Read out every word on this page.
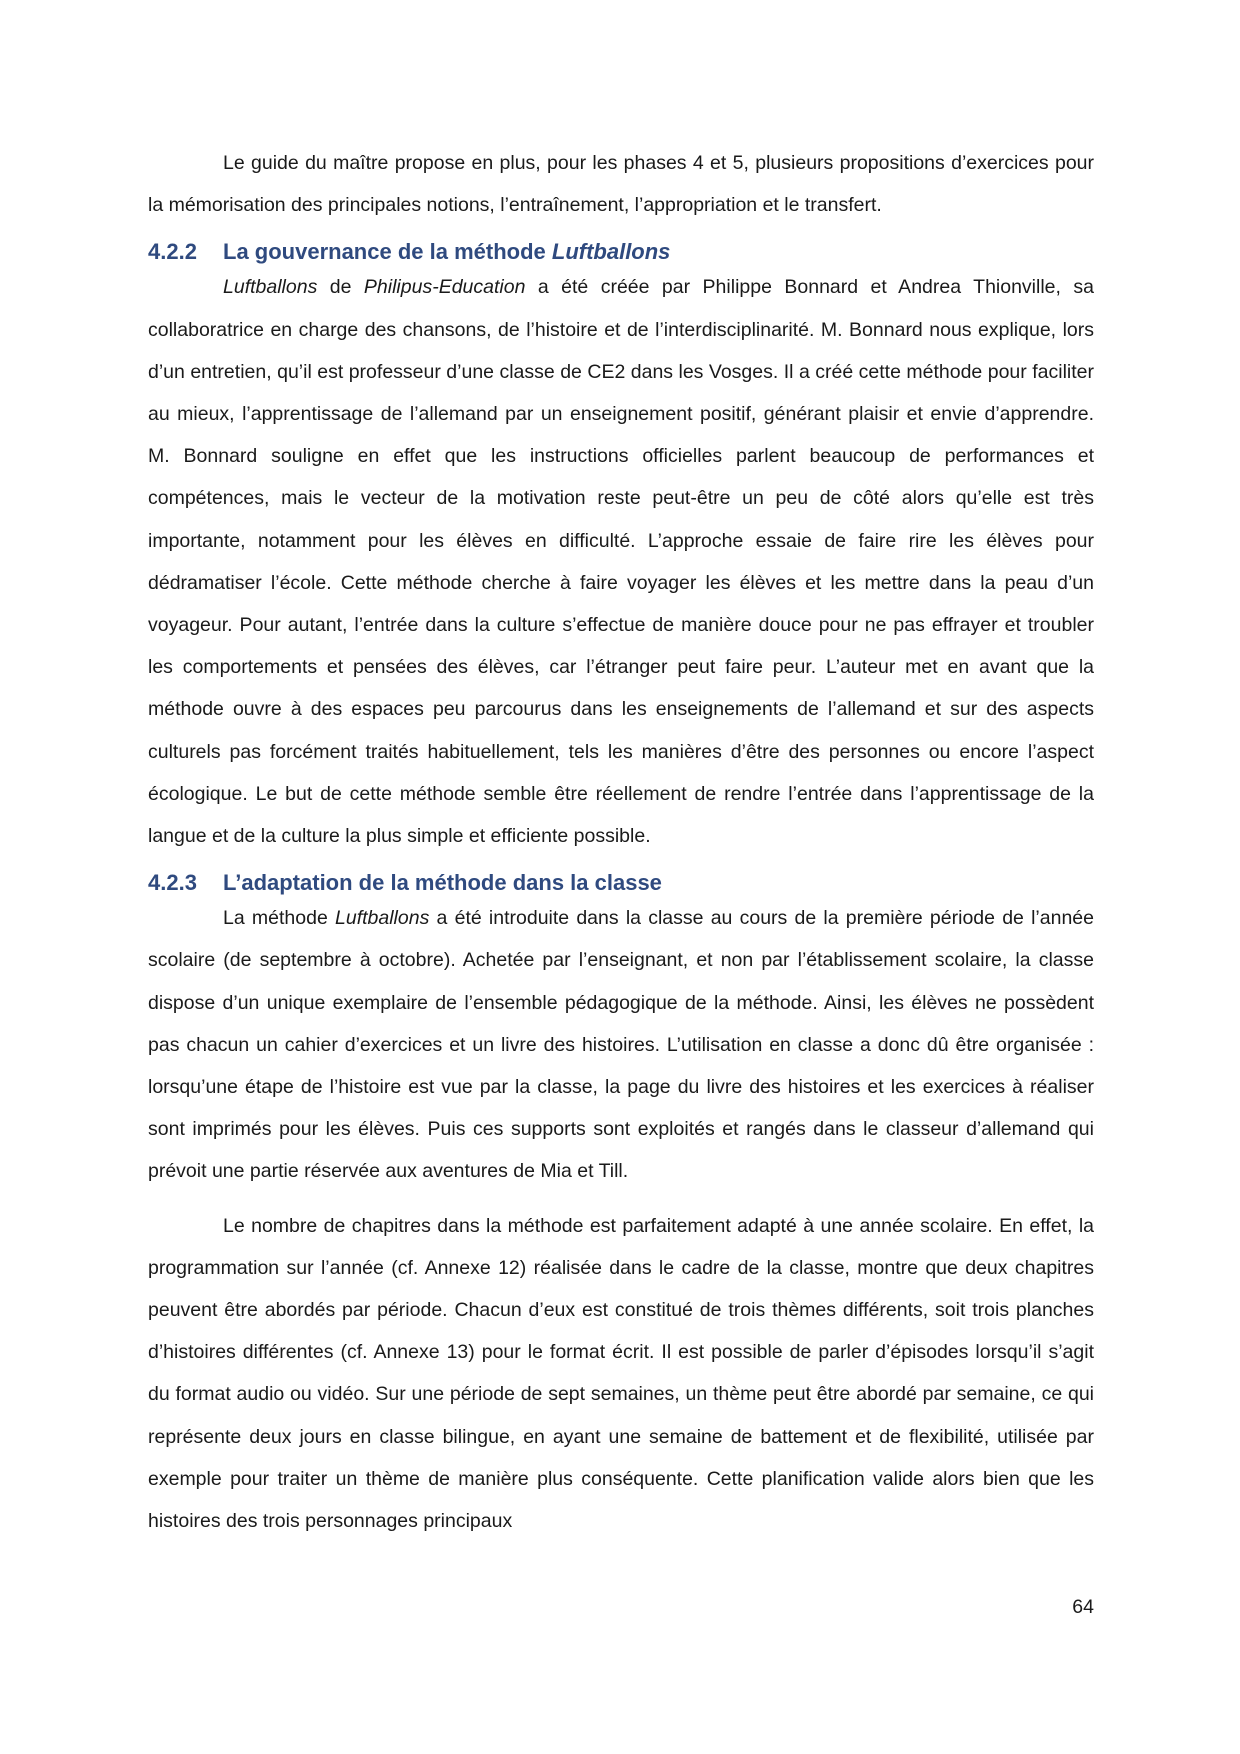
Le guide du maître propose en plus, pour les phases 4 et 5, plusieurs propositions d’exercices pour la mémorisation des principales notions, l’entraînement, l’appropriation et le transfert.

4.2.2	La gouvernance de la méthode Luftballons

Luftballons de Philipus-Education a été créée par Philippe Bonnard et Andrea Thionville, sa collaboratrice en charge des chansons, de l’histoire et de l’interdisciplinarité. M. Bonnard nous explique, lors d’un entretien, qu’il est professeur d’une classe de CE2 dans les Vosges. Il a créé cette méthode pour faciliter au mieux, l’apprentissage de l’allemand par un enseignement positif, générant plaisir et envie d’apprendre. M. Bonnard souligne en effet que les instructions officielles parlent beaucoup de performances et compétences, mais le vecteur de la motivation reste peut-être un peu de côté alors qu’elle est très importante, notamment pour les élèves en difficulté. L’approche essaie de faire rire les élèves pour dédramatiser l’école. Cette méthode cherche à faire voyager les élèves et les mettre dans la peau d’un voyageur. Pour autant, l’entrée dans la culture s’effectue de manière douce pour ne pas effrayer et troubler les comportements et pensées des élèves, car l’étranger peut faire peur. L’auteur met en avant que la méthode ouvre à des espaces peu parcourus dans les enseignements de l’allemand et sur des aspects culturels pas forcément traités habituellement, tels les manières d’être des personnes ou encore l’aspect écologique. Le but de cette méthode semble être réellement de rendre l’entrée dans l’apprentissage de la langue et de la culture la plus simple et efficiente possible.

4.2.3	L’adaptation de la méthode dans la classe

La méthode Luftballons a été introduite dans la classe au cours de la première période de l’année scolaire (de septembre à octobre). Achetée par l’enseignant, et non par l’établissement scolaire, la classe dispose d’un unique exemplaire de l’ensemble pédagogique de la méthode. Ainsi, les élèves ne possèdent pas chacun un cahier d’exercices et un livre des histoires. L’utilisation en classe a donc dû être organisée : lorsqu’une étape de l’histoire est vue par la classe, la page du livre des histoires et les exercices à réaliser sont imprimés pour les élèves. Puis ces supports sont exploités et rangés dans le classeur d’allemand qui prévoit une partie réservée aux aventures de Mia et Till.

Le nombre de chapitres dans la méthode est parfaitement adapté à une année scolaire. En effet, la programmation sur l’année (cf. Annexe 12) réalisée dans le cadre de la classe, montre que deux chapitres peuvent être abordés par période. Chacun d’eux est constitué de trois thèmes différents, soit trois planches d’histoires différentes (cf. Annexe 13) pour le format écrit. Il est possible de parler d’épisodes lorsqu’il s’agit du format audio ou vidéo. Sur une période de sept semaines, un thème peut être abordé par semaine, ce qui représente deux jours en classe bilingue, en ayant une semaine de battement et de flexibilité, utilisée par exemple pour traiter un thème de manière plus conséquente. Cette planification valide alors bien que les histoires des trois personnages principaux

64
